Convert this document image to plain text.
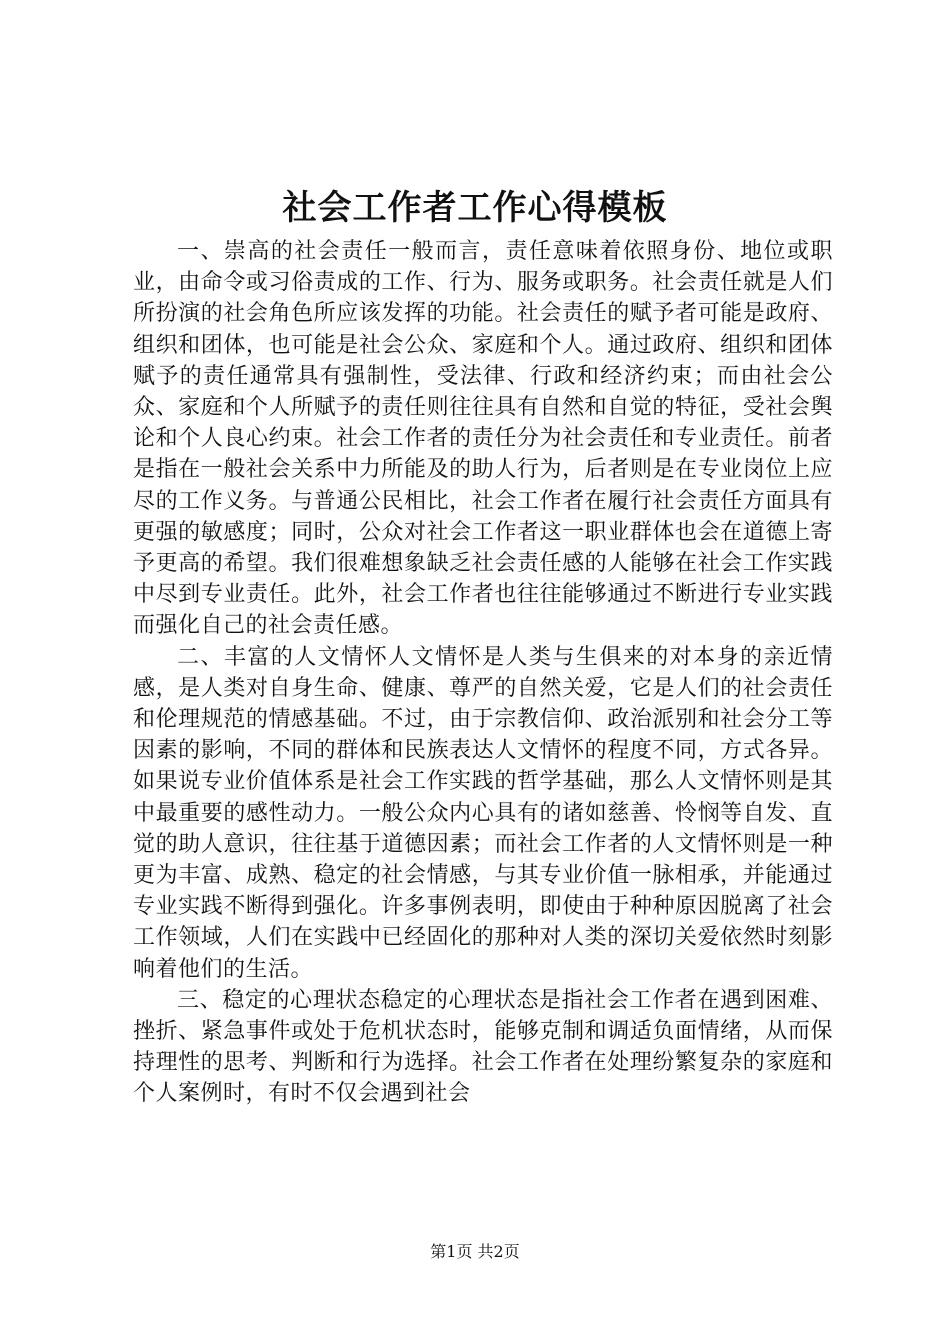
社会工作者工作心得模板

一、崇高的社会责任一般而言，责任意味着依照身份、地位或职业，由命令或习俗责成的工作、行为、服务或职务。社会责任就是人们所扮演的社会角色所应该发挥的功能。社会责任的赋予者可能是政府、组织和团体，也可能是社会公众、家庭和个人。通过政府、组织和团体赋予的责任通常具有强制性，受法律、行政和经济约束；而由社会公众、家庭和个人所赋予的责任则往往具有自然和自觉的特征，受社会舆论和个人良心约束。社会工作者的责任分为社会责任和专业责任。前者是指在一般社会关系中力所能及的助人行为，后者则是在专业岗位上应尽的工作义务。与普通公民相比，社会工作者在履行社会责任方面具有更强的敏感度；同时，公众对社会工作者这一职业群体也会在道德上寄予更高的希望。我们很难想象缺乏社会责任感的人能够在社会工作实践中尽到专业责任。此外，社会工作者也往往能够通过不断进行专业实践而强化自己的社会责任感。

二、丰富的人文情怀人文情怀是人类与生俱来的对本身的亲近情感，是人类对自身生命、健康、尊严的自然关爱，它是人们的社会责任和伦理规范的情感基础。不过，由于宗教信仰、政治派别和社会分工等因素的影响，不同的群体和民族表达人文情怀的程度不同，方式各异。如果说专业价值体系是社会工作实践的哲学基础，那么人文情怀则是其中最重要的感性动力。一般公众内心具有的诸如慈善、怜悯等自发、直觉的助人意识，往往基于道德因素；而社会工作者的人文情怀则是一种更为丰富、成熟、稳定的社会情感，与其专业价值一脉相承，并能通过专业实践不断得到强化。许多事例表明，即使由于种种原因脱离了社会工作领域，人们在实践中已经固化的那种对人类的深切关爱依然时刻影响着他们的生活。

三、稳定的心理状态稳定的心理状态是指社会工作者在遇到困难、挫折、紧急事件或处于危机状态时，能够克制和调适负面情绪，从而保持理性的思考、判断和行为选择。社会工作者在处理纷繁复杂的家庭和个人案例时，有时不仅会遇到社会

第1页 共2页
